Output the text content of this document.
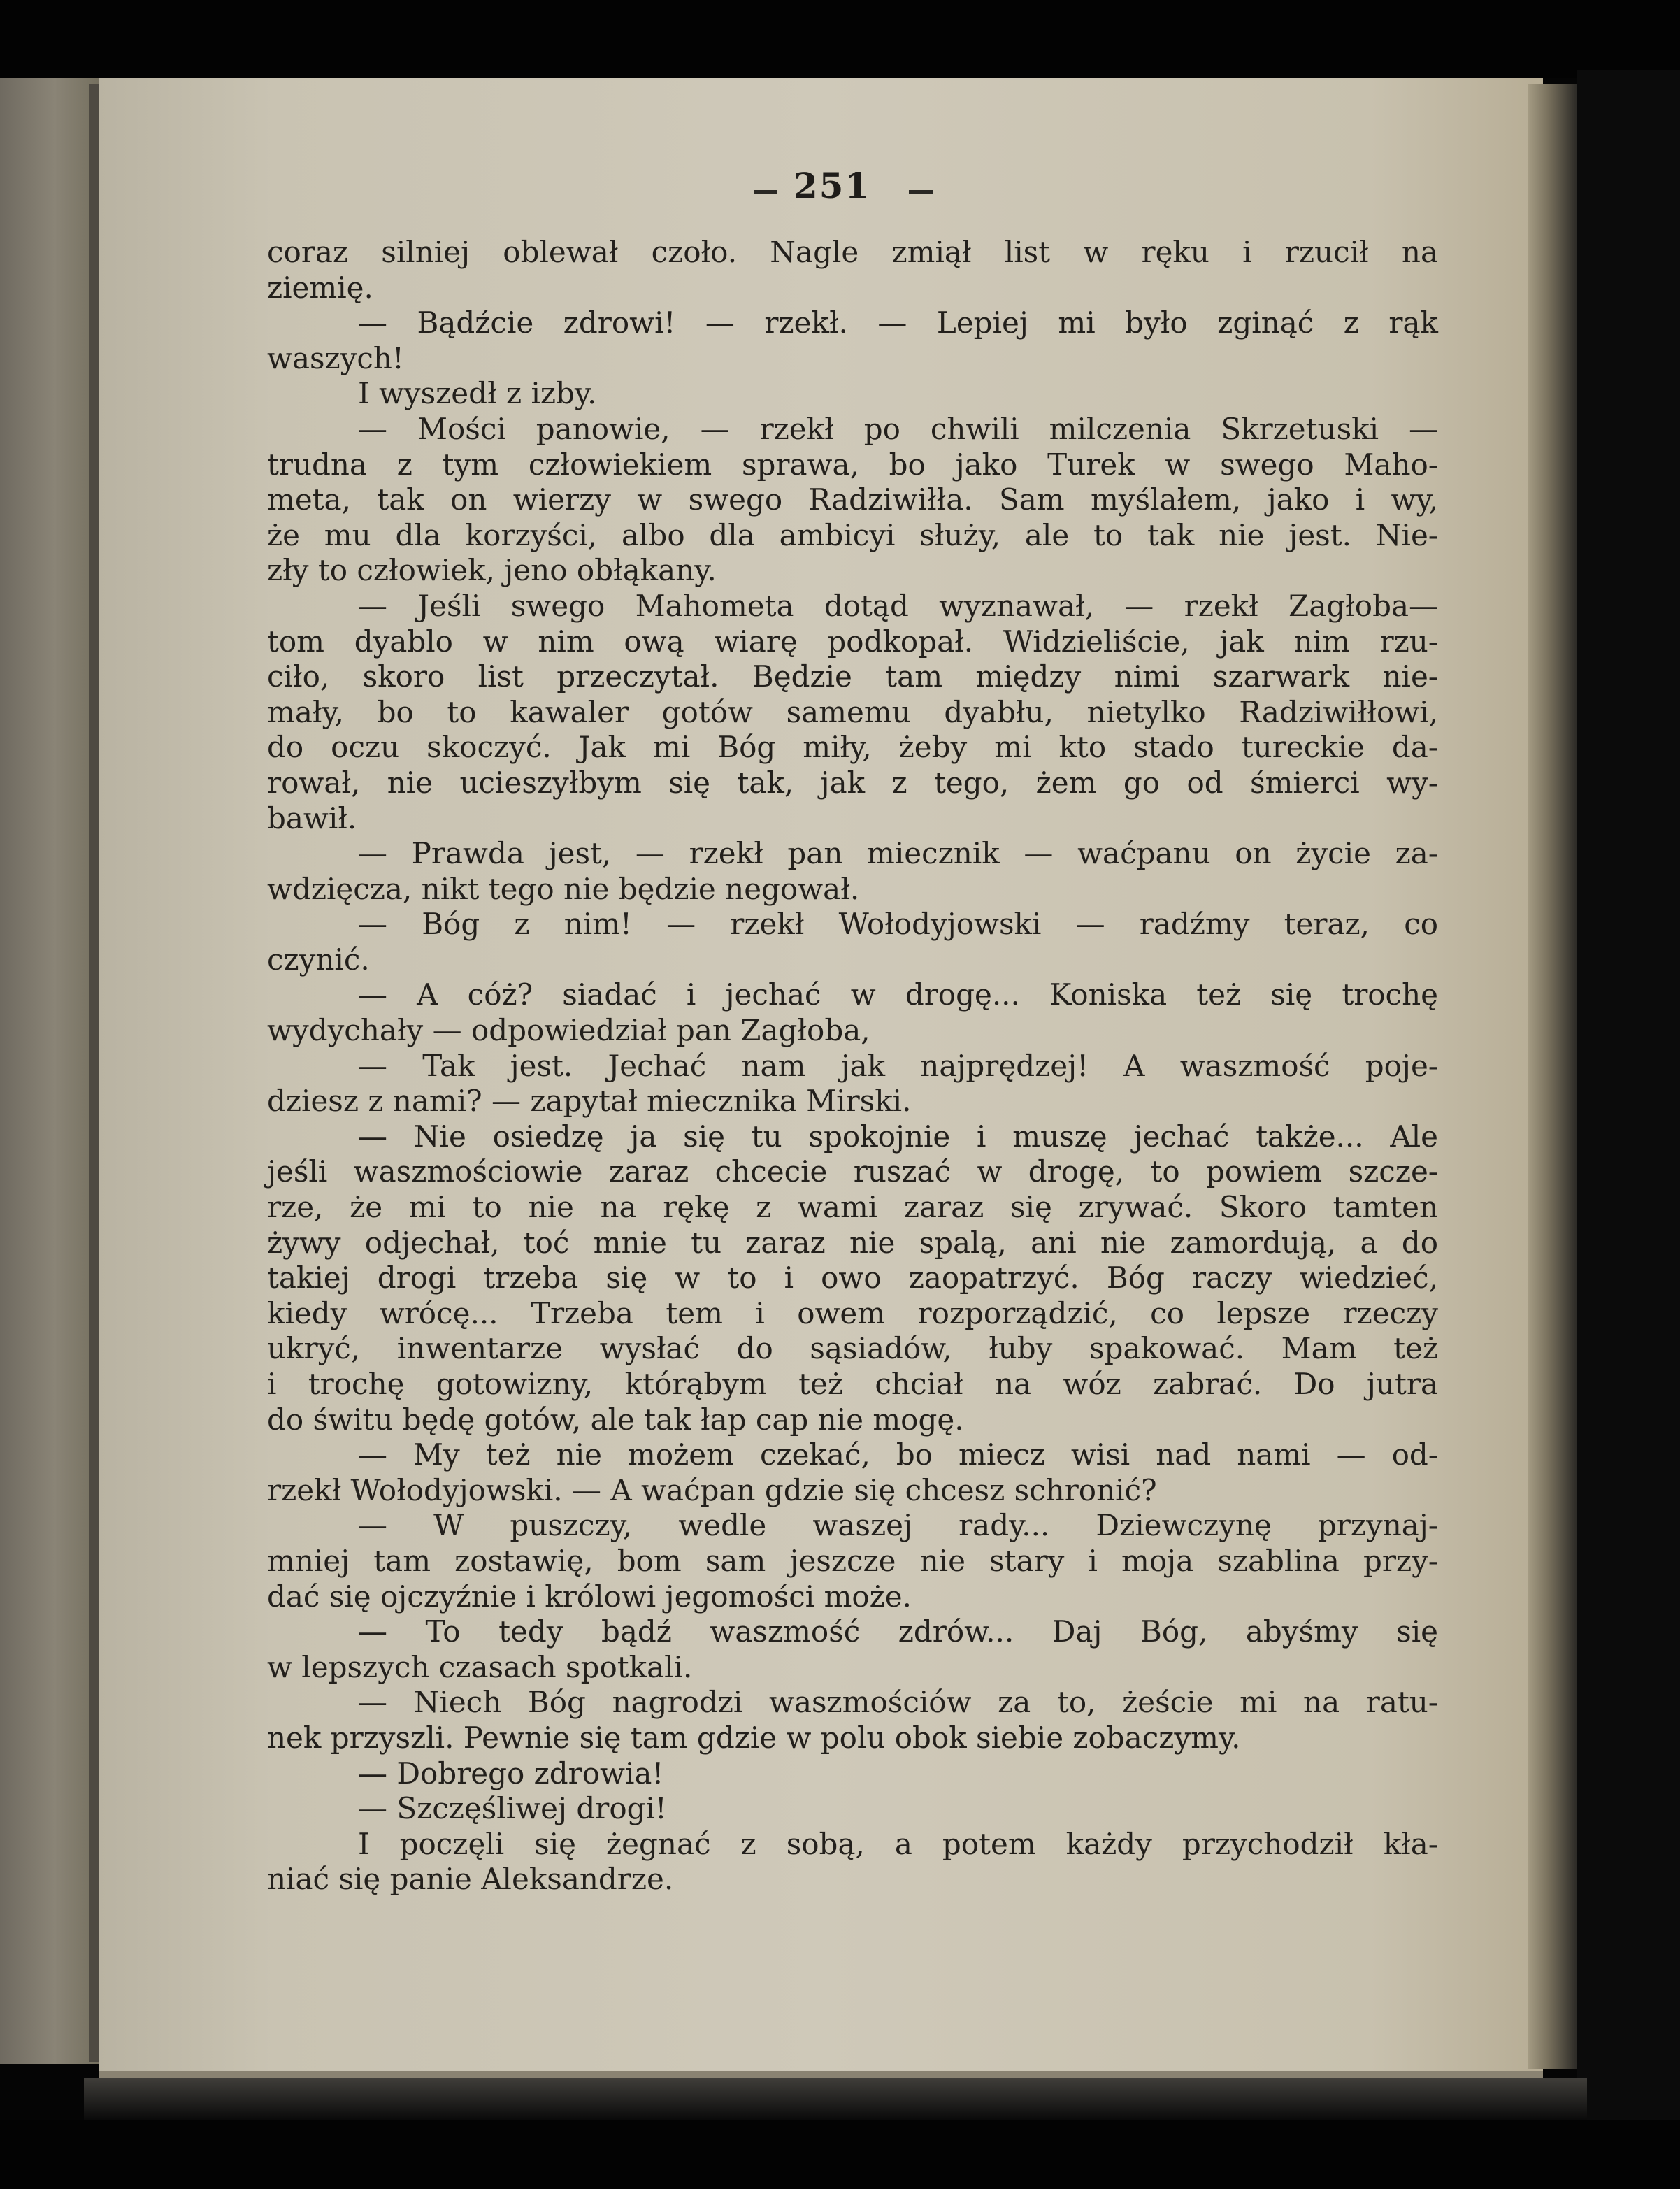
251
coraz silniej oblewał czoło. Nagle zmiął list w ręku i rzucił na
ziemię.
— Bądźcie zdrowi! — rzekł. — Lepiej mi było zginąć z rąk
waszych!
I wyszedł z izby.
— Mości panowie, — rzekł po chwili milczenia Skrzetuski —
trudna z tym człowiekiem sprawa, bo jako Turek w swego Maho-
meta, tak on wierzy w swego Radziwiłła. Sam myślałem, jako i wy,
że mu dla korzyści, albo dla ambicyi służy, ale to tak nie jest. Nie-
zły to człowiek, jeno obłąkany.
— Jeśli swego Mahometa dotąd wyznawał, — rzekł Zagłoba—
tom dyablo w nim ową wiarę podkopał. Widzieliście, jak nim rzu-
ciło, skoro list przeczytał. Będzie tam między nimi szarwark nie-
mały, bo to kawaler gotów samemu dyabłu, nietylko Radziwiłłowi,
do oczu skoczyć. Jak mi Bóg miły, żeby mi kto stado tureckie da-
rował, nie ucieszyłbym się tak, jak z tego, żem go od śmierci wy-
bawił.
— Prawda jest, — rzekł pan miecznik — waćpanu on życie za-
wdzięcza, nikt tego nie będzie negował.
— Bóg z nim! — rzekł Wołodyjowski — radźmy teraz, co
czynić.
— A cóż? siadać i jechać w drogę... Koniska też się trochę
wydychały — odpowiedział pan Zagłoba,
— Tak jest. Jechać nam jak najprędzej! A waszmość poje-
dziesz z nami? — zapytał miecznika Mirski.
— Nie osiedzę ja się tu spokojnie i muszę jechać także... Ale
jeśli waszmościowie zaraz chcecie ruszać w drogę, to powiem szcze-
rze, że mi to nie na rękę z wami zaraz się zrywać. Skoro tamten
żywy odjechał, toć mnie tu zaraz nie spalą, ani nie zamordują, a do
takiej drogi trzeba się w to i owo zaopatrzyć. Bóg raczy wiedzieć,
kiedy wrócę... Trzeba tem i owem rozporządzić, co lepsze rzeczy
ukryć, inwentarze wysłać do sąsiadów, łuby spakować. Mam też
i trochę gotowizny, którąbym też chciał na wóz zabrać. Do jutra
do świtu będę gotów, ale tak łap cap nie mogę.
— My też nie możem czekać, bo miecz wisi nad nami — od-
rzekł Wołodyjowski. — A waćpan gdzie się chcesz schronić?
— W puszczy, wedle waszej rady... Dziewczynę przynaj-
mniej tam zostawię, bom sam jeszcze nie stary i moja szablina przy-
dać się ojczyźnie i królowi jegomości może.
— To tedy bądź waszmość zdrów... Daj Bóg, abyśmy się
w lepszych czasach spotkali.
— Niech Bóg nagrodzi waszmościów za to, żeście mi na ratu-
nek przyszli. Pewnie się tam gdzie w polu obok siebie zobaczymy.
— Dobrego zdrowia!
— Szczęśliwej drogi!
I poczęli się żegnać z sobą, a potem każdy przychodził kła-
niać się panie Aleksandrze.
